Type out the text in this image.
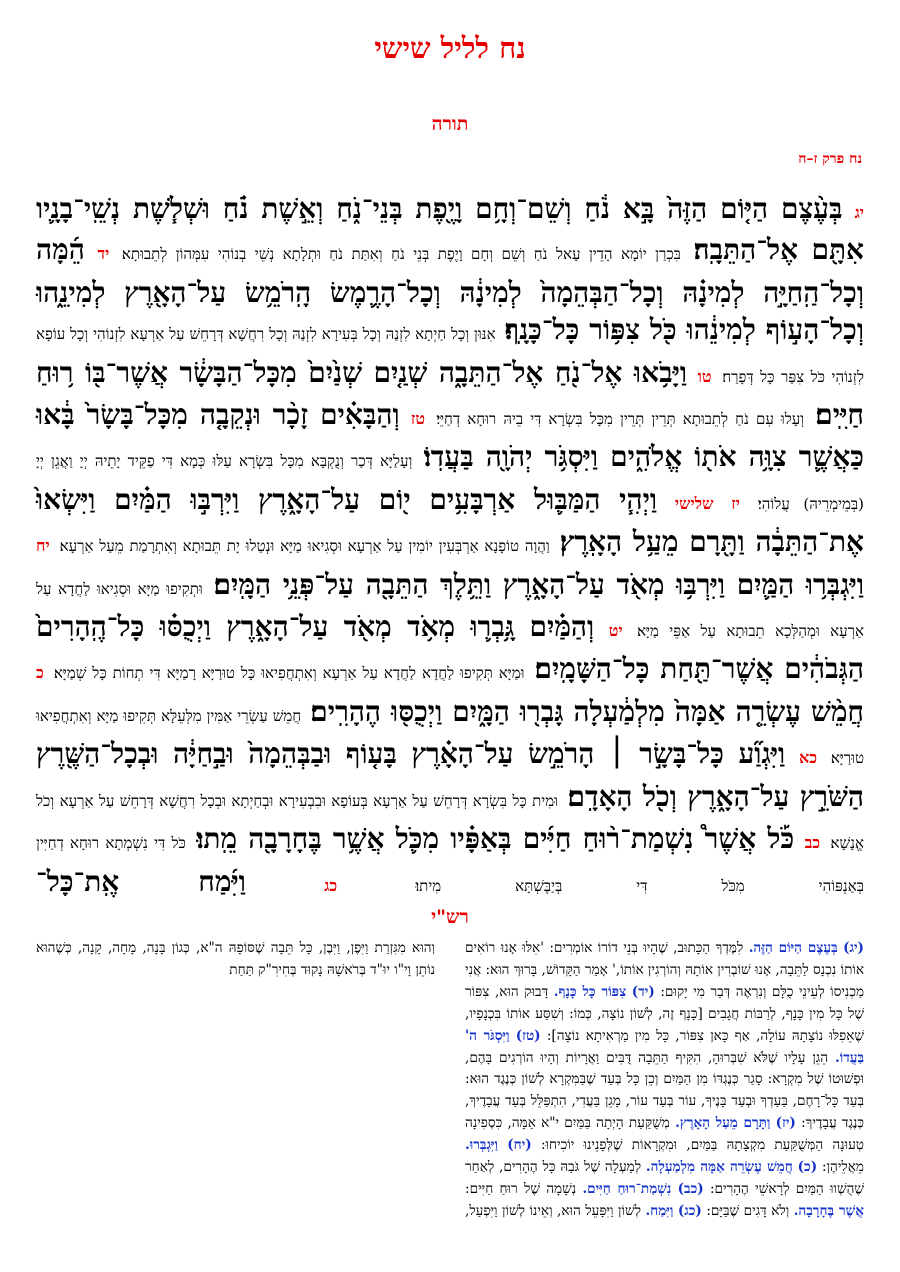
נח לליל שישי
תורה
נח פרק ז–ח
יג בְּעֶ֨צֶם הַיּ֤וֹם הַזֶּה֙ בָּ֣א נֹ֔חַ וְשֵׁם־וְחָ֥ם וָיֶ֖פֶת בְּנֵי־נֹ֑חַ וְאֵ֣שֶׁת נֹ֗חַ וּשְׁלֹ֧שֶׁת נְשֵֽׁי־בָנָ֛יו אִתָּ֖ם אֶל־הַתֵּבָֽה׃ בִּכְרַן יוֹמָא הָדֵין עָאל נֹחַ וְשֵׁם וְחָם וָיֶפֶת בְּנֵי נֹחַ וְאִתַּת נֹחַ וּתְלָתָא נְשֵׁי בְנוֹהִי עִמְּהוֹן לְתֵבוּתָא׃ יד הֵ֜מָּה וְכָל־הַֽחַיָּ֣ה לְמִינָ֗הּ וְכָל־הַבְּהֵמָה֙ לְמִינָ֔הּ וְכָל־הָרֶ֛מֶשׂ הָֽרֹמֵ֥שׂ עַל־הָאָ֖רֶץ לְמִינֵ֑הוּ וְכָל־הָע֣וֹף לְמִינֵ֔הוּ כֹּ֖ל צִפּ֥וֹר כָּל־כָּנָֽף׃ אִנּוּן וְכָל חַיְתָא לִזְנַהּ וְכָל בְּעִירָא לִזְנַהּ וְכָל רִחֲשָׁא דְּרָחֵשׁ עַל אַרְעָא לִזְנוֹהִי וְכָל עוֹפָא לִזְנוֹהִי כֹּל צִפַּר כָּל דְּפָרַח׃ טו וַיָּבֹ֥אוּ אֶל־נֹ֖חַ אֶל־הַתֵּבָ֑ה שְׁנַ֤יִם שְׁנַ֙יִם֙ מִכָּל־הַבָּשָׂ֔ר אֲשֶׁר־בּ֖וֹ ר֥וּחַ חַיִּֽים׃ וְעָלוּ עִם נֹחַ לְתֵבוּתָא תְּרֵין תְּרֵין מִכָּל בִּשְׂרָא דִּי בֵיהּ רוּחָא דְחַיֵּי׃ טז וְהַבָּאִ֗ים זָכָ֨ר וּנְקֵבָ֤ה מִכָּל־בָּשָׂר֙ בָּ֔אוּ כַּאֲשֶׁ֛ר צִוָּ֥ה אֹת֖וֹ אֱלֹהִ֑ים וַיִּסְגֹּ֥ר יְהֹוָ֖ה בַּעֲדֽוֹ׃ וְעָלַיָּא דְּכַר וְנֻקְבָּא מִכָּל בִּשְׂרָא עַלּוּ כְּמָא דִּי פַקֵּיד יָתֵיהּ יְיָ וַאֲגֵן יְיָ (בְּמֵימְרֵיהּ) עֲלוֹהִי׃ יז שלישי וַיְהִ֧י הַמַּבּ֛וּל אַרְבָּעִ֥ים י֖וֹם עַל־הָאָ֑רֶץ וַיִּרְבּ֣וּ הַמַּ֗יִם וַיִּשְׂאוּ֙ אֶת־הַתֵּבָ֔ה וַתָּ֖רָם מֵעַ֥ל הָאָֽרֶץ׃ וַהֲוָה טוֹפָנָא אַרְבְּעִין יוֹמִין עַל אַרְעָא וּסְגִיאוּ מַיָּא וּנְטַלוּ יָת תֵּבוּתָא וְאִתְרָמַת מֵעַל אַרְעָא׃ יח וַיִּגְבְּר֥וּ הַמַּ֛יִם וַיִּרְבּ֥וּ מְאֹ֖ד עַל־הָאָ֑רֶץ וַתֵּ֥לֶךְ הַתֵּבָ֖ה עַל־פְּנֵ֥י הַמָּֽיִם׃ וּתְקִיפוּ מַיָּא וּסְגִיאוּ לַחֲדָא עַל אַרְעָא וּמְהַלְּכָא תֵבוּתָא עַל אַפֵּי מַיָּא׃ יט וְהַמַּ֗יִם גָּ֥בְר֛וּ מְאֹ֥ד מְאֹ֖ד עַל־הָאָ֑רֶץ וַיְכֻסּ֗וּ כָּל־הֶֽהָרִים֙ הַגְּבֹהִ֔ים אֲשֶׁר־תַּ֖חַת כָּל־הַשָּׁמָֽיִם׃ וּמַיָּא תְּקִיפוּ לַחֲדָא לַחֲדָא עַל אַרְעָא וְאִתְחֲפִיאוּ כָּל טוּרַיָּא רָמַיָּא דִּי תְחוֹת כָּל שְׁמַיָּא׃ כ חֲמֵ֨שׁ עֶשְׂרֵ֤ה אַמָּה֙ מִלְמַ֔עְלָה גָּבְר֖וּ הַמָּ֑יִם וַיְכֻסּ֖וּ הֶהָרִֽים׃ חֲמֵשׁ עַשְׂרֵי אַמִּין מִלְּעֵלָּא תְּקִיפוּ מַיָּא וְאִתְחֲפִיאוּ טוּרַיָּא׃ כא וַיִּגְוַ֞ע כָּל־בָּשָׂ֣ר ׀ הָרֹמֵ֣שׂ עַל־הָאָ֗רֶץ בָּע֤וֹף וּבַבְּהֵמָה֙ וּבַ֣חַיָּ֔ה וּבְכָל־הַשֶּׁ֖רֶץ הַשֹּׁרֵ֣ץ עַל־הָאָ֑רֶץ וְכֹ֖ל הָאָדָֽם׃ וּמִית כָּל בִּשְׂרָא דְּרָחֵשׁ עַל אַרְעָא בְּעוֹפָא וּבִבְעִירָא וּבְחַיְתָא וּבְכָל רִחֲשָׁא דְּרָחֵשׁ עַל אַרְעָא וְכֹל אֱנָשָׁא׃ כב כֹּ֡ל אֲשֶׁר֩ נִשְׁמַת־ר֨וּחַ חַיִּ֜ים בְּאַפָּ֗יו מִכֹּ֛ל אֲשֶׁ֥ר בֶּחָרָבָ֖ה מֵֽתוּ׃ כֹּל דִּי נִשְׁמְתָא רוּחָא דְחַיִּין בְּאַנְפּוֹהִי מִכֹּל דִּי בְּיַבֶּשְׁתָּא מִיתוּ׃ כג וַיִּ֜מַח אֶֽת־כָּל־
רש"י
(יג) בְּעֶצֶם הַיּוֹם הַזֶּה. לִמֶּדְךָ הַכָּתוּב, שֶׁהָיוּ בְּנֵי דוֹרוֹ אוֹמְרִים: 'אִלּוּ אָנוּ רוֹאִים אוֹתוֹ נִכְנָס לַתֵּבָה, אָנוּ שׁוֹבְרִין אוֹתָהּ וְהוֹרְגִין אוֹתוֹ,' אָמַר הַקָּדוֹשׁ, בָּרוּךְ הוּא: אֲנִי מַכְנִיסוֹ לְעֵינֵי כֻלָּם וְנִרְאֶה דְּבַר מִי יָקוּם: (יד) צִפּוֹר כָּל כָּנָף. דָּבוּק הוּא, צִפּוֹר שֶׁל כָּל מִין כָּנָף, לְרַבּוֹת חֲגָבִים [כָּנָף זֶה, לְשׁוֹן נוֹצָה, כְּמוֹ: וְשִׁסַּע אוֹתוֹ בִּכְנָפָיו, שֶׁאֵפִלּוּ נוֹצָתָהּ עוֹלָה, אַף כָּאן צִפּוֹר, כָּל מִין מַרְאִיתָא נוֹצָה]: (טז) וַיִּסְגֹּר ה' בַּעֲדוֹ. הֵגֵן עָלָיו שֶׁלֹּא שִׁבְּרוּהָ, הִקִּיף הַתֵּבָה דֻּבִּים וַאֲרָיוֹת וְהָיוּ הוֹרְגִים בָּהֶם, וּפְשׁוּטוֹ שֶׁל מִקְרָא: סָגַר כְּנֶגְדּוֹ מִן הַמַּיִם וְכֵן כָּל בְּעַד שֶׁבַּמִּקְרָא לְשׁוֹן כְּנֶגֶד הוּא: בְּעַד כָּל־רָחֶם, בַּעַדְךָ וּבְעַד בָּנֶיךָ, עוֹר בְּעַד עוֹר, מָגֵן בַּעֲדִי, הִתְפַּלֵּל בְּעַד עֲבָדֶיךָ, כְּנֶגֶד עֲבָדֶיךָ: (יז) וַתָּרָם מֵעַל הָאָרֶץ. מְשֻׁקַּעַת הָיְתָה בַּמַּיִם י"א אַמָּה, כִּסְפִינָה טְעוּנָה הַמְּשֻׁקַּעַת מִקְצָתָהּ בַּמַּיִם, וּמִקְרָאוֹת שֶׁלְּפָנֵינוּ יוֹכִיחוּ: (יח) וַיִּגְבְּרוּ. מֵאֲלֵיהֶן: (כ) חֲמֵשׁ עֶשְׂרֵה אַמָּה מִלְמַעְלָה. לְמַעְלָה שֶׁל גֹּבַהּ כָּל הֶהָרִים, לְאַחַר שֶׁהֻשְׁווּ הַמַּיִם לְרָאשֵׁי הֶהָרִים: (כב) נִשְׁמַת־רוּחַ חַיִּים. נְשָׁמָה שֶׁל רוּחַ חַיִּים: אֲשֶׁר בֶּחָרָבָה. וְלֹא דָּגִים שֶׁבַּיָּם: (כג) וַיִּמַח. לְשׁוֹן וַיִּפָּעֵל הוּא, וְאֵינוֹ לְשׁוֹן וַיִּפְעַל, וְהוּא מִגִּזְרַת וַיִּפֶן, וַיִּבֶן, כָּל תֵּבָה שֶׁסּוֹפָהּ ה"א, כְּגוֹן בָּנָה, מָחָה, קָנָה, כְּשֶׁהוּא נוֹתֵן וָי"ו יוּ"ד בְּרֹאשָׁהּ נָקוּד בְּחִירִ"ק תַּחַת
